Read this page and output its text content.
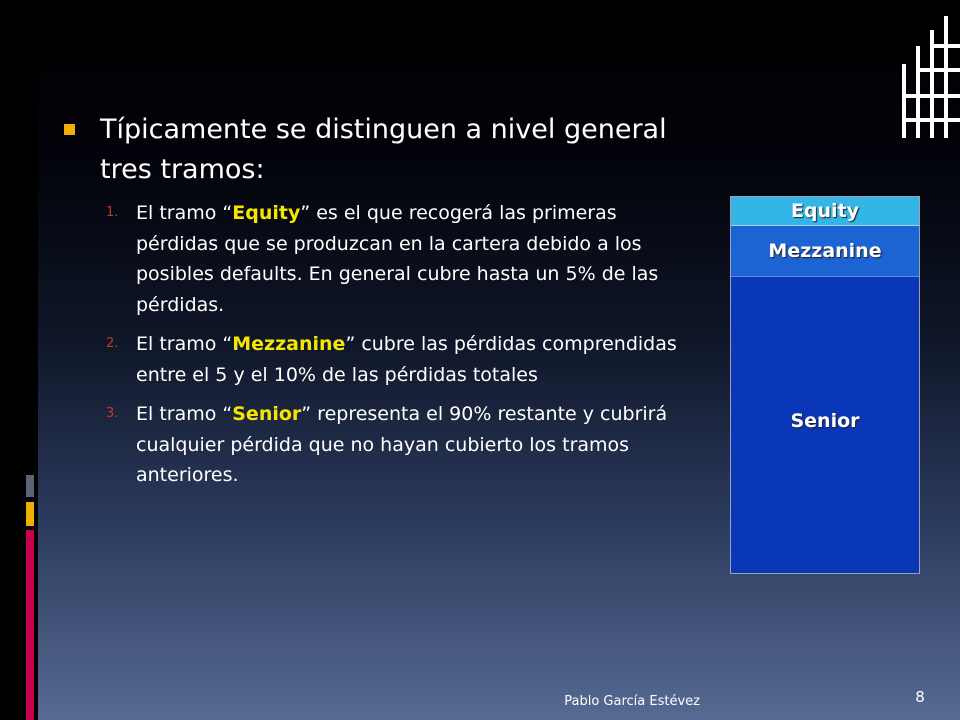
Típicamente se distinguen a nivel general tres tramos:
1. El tramo “Equity” es el que recogerá las primeras pérdidas que se produzcan en la cartera debido a los posibles defaults. En general cubre hasta un 5% de las pérdidas.
2. El tramo “Mezzanine” cubre las pérdidas comprendidas entre el 5 y el 10% de las pérdidas totales
3. El tramo “Senior” representa el 90% restante y cubrirá cualquier pérdida que no hayan cubierto los tramos anteriores.
Equity
Mezzanine
Senior
Pablo García Estévez	8
